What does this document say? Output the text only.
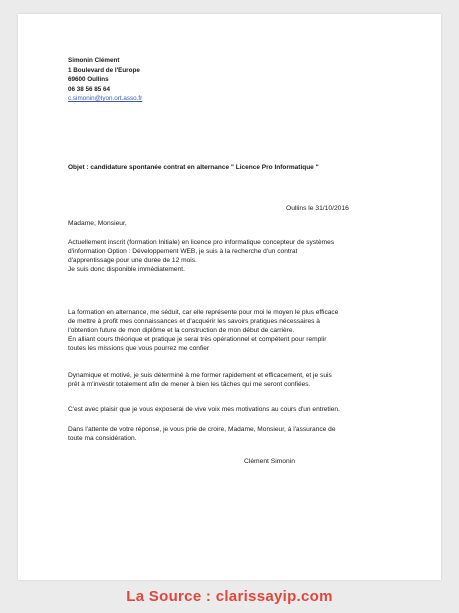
Simonin Clément
1 Boulevard de l'Europe
69600 Oullins
06 38 56 85 64
c.simonin@lyon.ort.asso.fr
Objet : candidature spontanée contrat en alternance " Licence Pro Informatique "
Oullins le 31/10/2016
Madame, Monsieur,
Actuellement inscrit (formation Initiale) en licence pro informatique concepteur de systèmes
d'information Option : Développement WEB, je suis à la recherche d'un contrat
d'apprentissage pour une durée de 12 mois.
Je suis donc disponible immédiatement.
La formation en alternance, me séduit, car elle représente pour moi le moyen le plus efficace
de mettre à profit mes connaissances et d'acquérir les savoirs pratiques nécessaires à
l'obtention future de mon diplôme et la construction de mon début de carrière.
En alliant cours théorique et pratique je serai très opérationnel et compétent pour remplir
toutes les missions que vous pourrez me confier
Dynamique et motivé, je suis déterminé à me former rapidement et efficacement, et je suis
prêt à m'investir totalement afin de mener à bien les tâches qui me seront confiées.
C'est avec plaisir que je vous exposerai de vive voix mes motivations au cours d'un entretien.
Dans l'attente de votre réponse, je vous prie de croire, Madame, Monsieur, à l'assurance de
toute ma considération.
Clément Simonin
La Source : clarissayip.com
